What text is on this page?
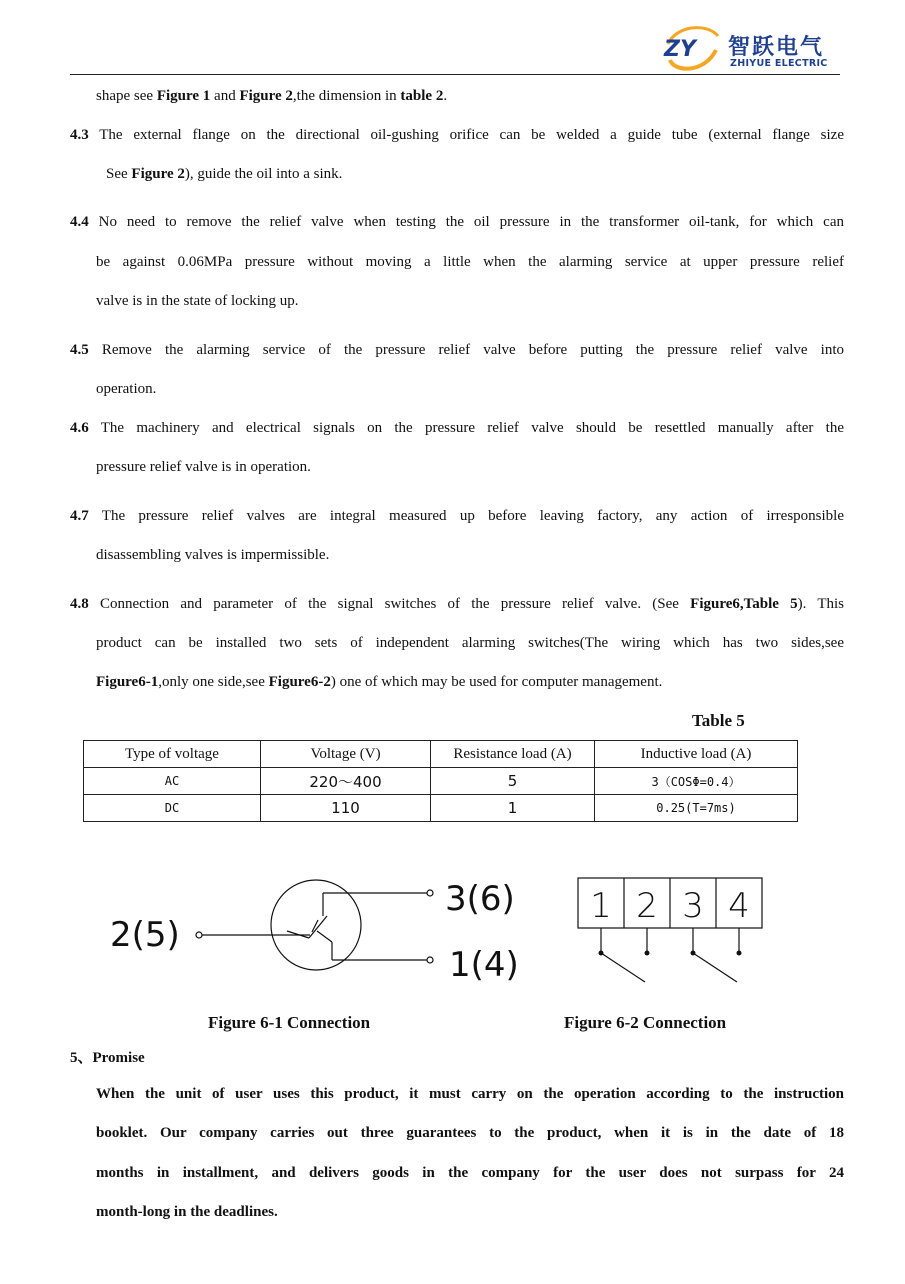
ZY 智跃电气
ZHIYUE ELECTRIC
shape see Figure 1 and Figure 2,the dimension in table 2.
4.3 The external flange on the directional oil-gushing orifice can be welded a guide tube (external flange size
See Figure 2), guide the oil into a sink.
4.4 No need to remove the relief valve when testing the oil pressure in the transformer oil-tank, for which can
be against 0.06MPa pressure without moving a little when the alarming service at upper pressure relief
valve is in the state of locking up.
4.5 Remove the alarming service of the pressure relief valve before putting the pressure relief valve into
operation.
4.6 The machinery and electrical signals on the pressure relief valve should be resettled manually after the
pressure relief valve is in operation.
4.7 The pressure relief valves are integral measured up before leaving factory, any action of irresponsible
disassembling valves is impermissible.
4.8 Connection and parameter of the signal switches of the pressure relief valve. (See Figure6,Table 5). This
product can be installed two sets of independent alarming switches(The wiring which has two sides,see
Figure6-1,only one side,see Figure6-2) one of which may be used for computer management.
Table 5
Type of voltage	Voltage (V)	Resistance load (A)	Inductive load (A)
AC	220～400	5	3（COSΦ=0.4）
DC	110	1	0.25(T=7ms)
2(5)
3(6)
1(4)
1 2 3 4
Figure 6-1 Connection	Figure 6-2 Connection
5、Promise
When the unit of user uses this product, it must carry on the operation according to the instruction
booklet. Our company carries out three guarantees to the product, when it is in the date of 18
months in installment, and delivers goods in the company for the user does not surpass for 24
month-long in the deadlines.
